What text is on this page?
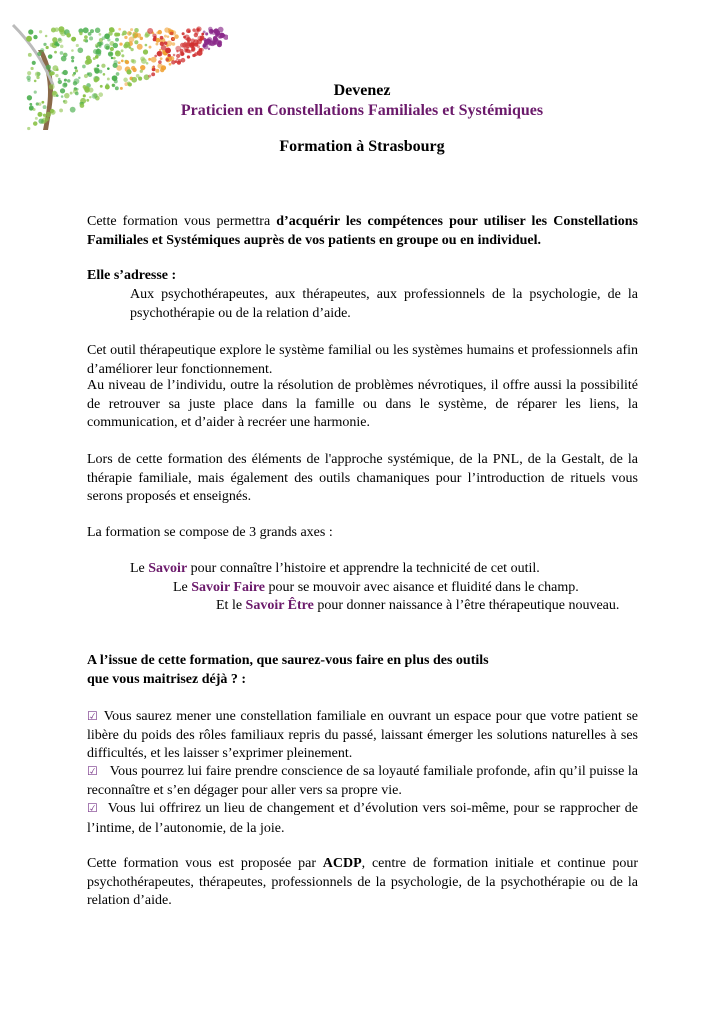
Devenez
Praticien en Constellations Familiales et Systémiques
Formation à Strasbourg

Cette formation vous permettra d’acquérir les compétences pour utiliser les Constellations Familiales et Systémiques auprès de vos patients en groupe ou en individuel.

Elle s’adresse :

Aux psychothérapeutes, aux thérapeutes, aux professionnels de la psychologie, de la psychothérapie ou de la relation d’aide.

Cet outil thérapeutique explore le système familial ou les systèmes humains et professionnels afin d’améliorer leur fonctionnement.

Au niveau de l’individu, outre la résolution de problèmes névrotiques, il offre aussi la possibilité de retrouver sa juste place dans la famille ou dans le système, de réparer les liens, la communication, et d’aider à recréer une harmonie.

Lors de cette formation des éléments de l'approche systémique, de la PNL, de la Gestalt, de la thérapie familiale, mais également des outils chamaniques pour l’introduction de rituels vous serons proposés et enseignés.

La formation se compose de 3 grands axes :

Le Savoir pour connaître l’histoire et apprendre la technicité de cet outil.

Le Savoir Faire pour se mouvoir avec aisance et fluidité dans le champ.

Et le Savoir Être pour donner naissance à l’être thérapeutique nouveau.

A l’issue de cette formation, que saurez-vous faire en plus des outils
que vous maitrisez déjà ? :

☑ Vous saurez mener une constellation familiale en ouvrant un espace pour que votre patient se libère du poids des rôles familiaux repris du passé, laissant émerger les solutions naturelles à ses difficultés, et les laisser s’exprimer pleinement.

☑ Vous pourrez lui faire prendre conscience de sa loyauté familiale profonde, afin qu’il puisse la reconnaître et s’en dégager pour aller vers sa propre vie.

☑ Vous lui offrirez un lieu de changement et d’évolution vers soi-même, pour se rapprocher de l’intime, de l’autonomie, de la joie.

Cette formation vous est proposée par ACDP, centre de formation initiale et continue pour psychothérapeutes, thérapeutes, professionnels de la psychologie, de la psychothérapie ou de la relation d’aide.
